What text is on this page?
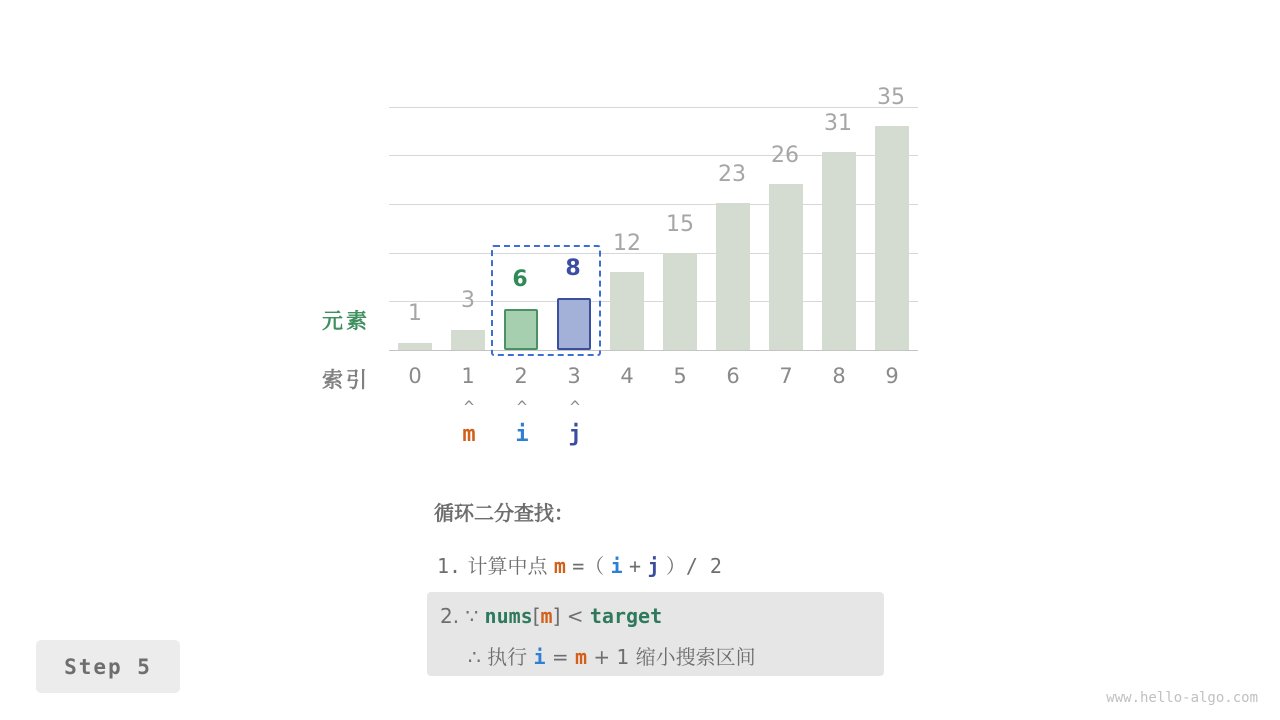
元素
索引
1
3
6	8
12
15
23
26
31
35
0	1	2	3	4	5	6	7	8	9
^
m
^
i
^
j
循环二分查找：
1. 计算中点 m =（ i + j ）/ 2
2. ∵ nums[m] < target
∴ 执行 i = m + 1 缩小搜索区间
Step 5
www.hello-algo.com
